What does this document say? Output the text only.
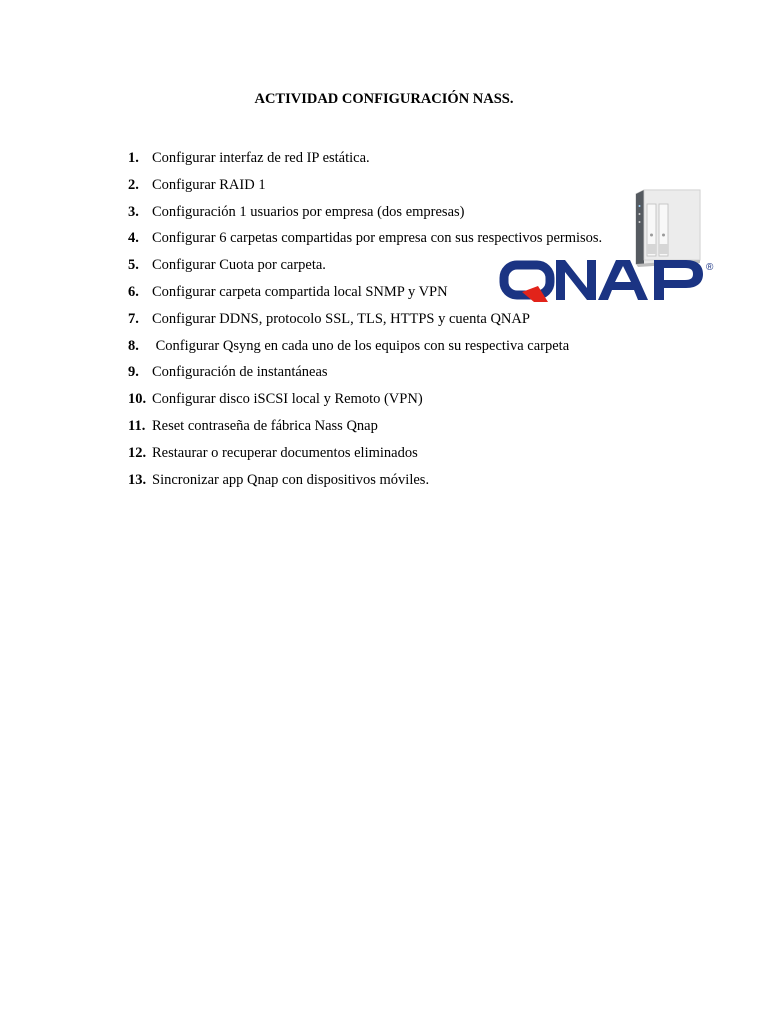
ACTIVIDAD CONFIGURACIÓN NASS.
1. Configurar interfaz de red IP estática.
2. Configurar RAID 1
3. Configuración 1 usuarios por empresa (dos empresas)
4. Configurar 6 carpetas compartidas por empresa con sus respectivos permisos.
5. Configurar Cuota por carpeta.
6. Configurar carpeta compartida local SNMP y VPN
7. Configurar DDNS, protocolo SSL, TLS, HTTPS y cuenta QNAP
8. Configurar Qsyng en cada uno de los equipos con su respectiva carpeta
9. Configuración de instantáneas
10. Configurar disco iSCSI local y Remoto (VPN)
11. Reset contraseña de fábrica Nass Qnap
12. Restaurar o recuperar documentos eliminados
13. Sincronizar app Qnap con dispositivos móviles.
®
